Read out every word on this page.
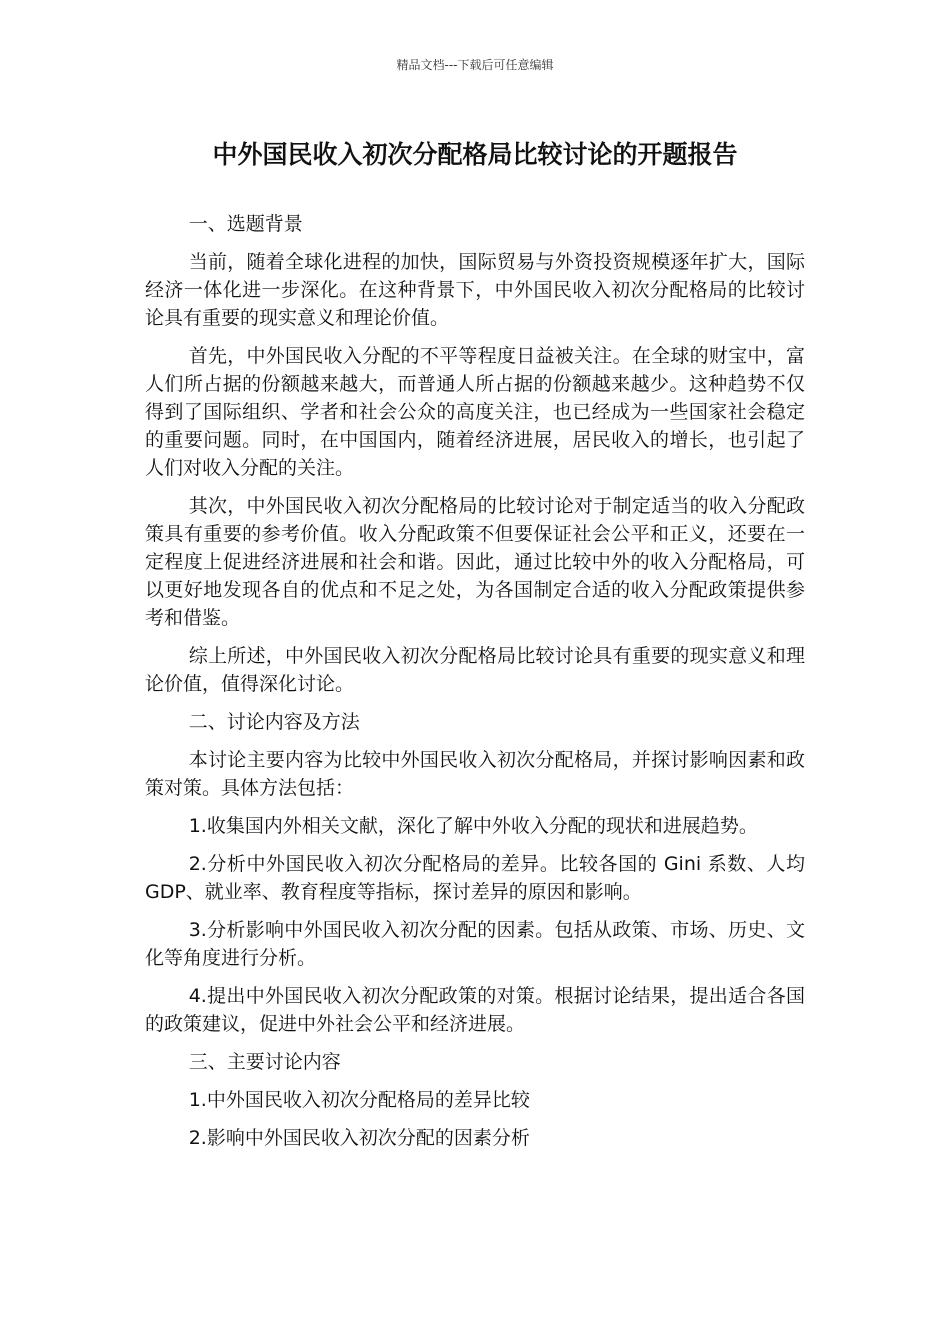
精品文档---下载后可任意编辑
中外国民收入初次分配格局比较讨论的开题报告

一、选题背景

当前，随着全球化进程的加快，国际贸易与外资投资规模逐年扩大，国际经济一体化进一步深化。在这种背景下，中外国民收入初次分配格局的比较讨论具有重要的现实意义和理论价值。

首先，中外国民收入分配的不平等程度日益被关注。在全球的财宝中，富人们所占据的份额越来越大，而普通人所占据的份额越来越少。这种趋势不仅得到了国际组织、学者和社会公众的高度关注，也已经成为一些国家社会稳定的重要问题。同时，在中国国内，随着经济进展，居民收入的增长，也引起了人们对收入分配的关注。

其次，中外国民收入初次分配格局的比较讨论对于制定适当的收入分配政策具有重要的参考价值。收入分配政策不但要保证社会公平和正义，还要在一定程度上促进经济进展和社会和谐。因此，通过比较中外的收入分配格局，可以更好地发现各自的优点和不足之处，为各国制定合适的收入分配政策提供参考和借鉴。

综上所述，中外国民收入初次分配格局比较讨论具有重要的现实意义和理论价值，值得深化讨论。

二、讨论内容及方法

本讨论主要内容为比较中外国民收入初次分配格局，并探讨影响因素和政策对策。具体方法包括：

1.收集国内外相关文献，深化了解中外收入分配的现状和进展趋势。

2.分析中外国民收入初次分配格局的差异。比较各国的 Gini 系数、人均 GDP、就业率、教育程度等指标，探讨差异的原因和影响。

3.分析影响中外国民收入初次分配的因素。包括从政策、市场、历史、文化等角度进行分析。

4.提出中外国民收入初次分配政策的对策。根据讨论结果，提出适合各国的政策建议，促进中外社会公平和经济进展。

三、主要讨论内容

1.中外国民收入初次分配格局的差异比较

2.影响中外国民收入初次分配的因素分析
